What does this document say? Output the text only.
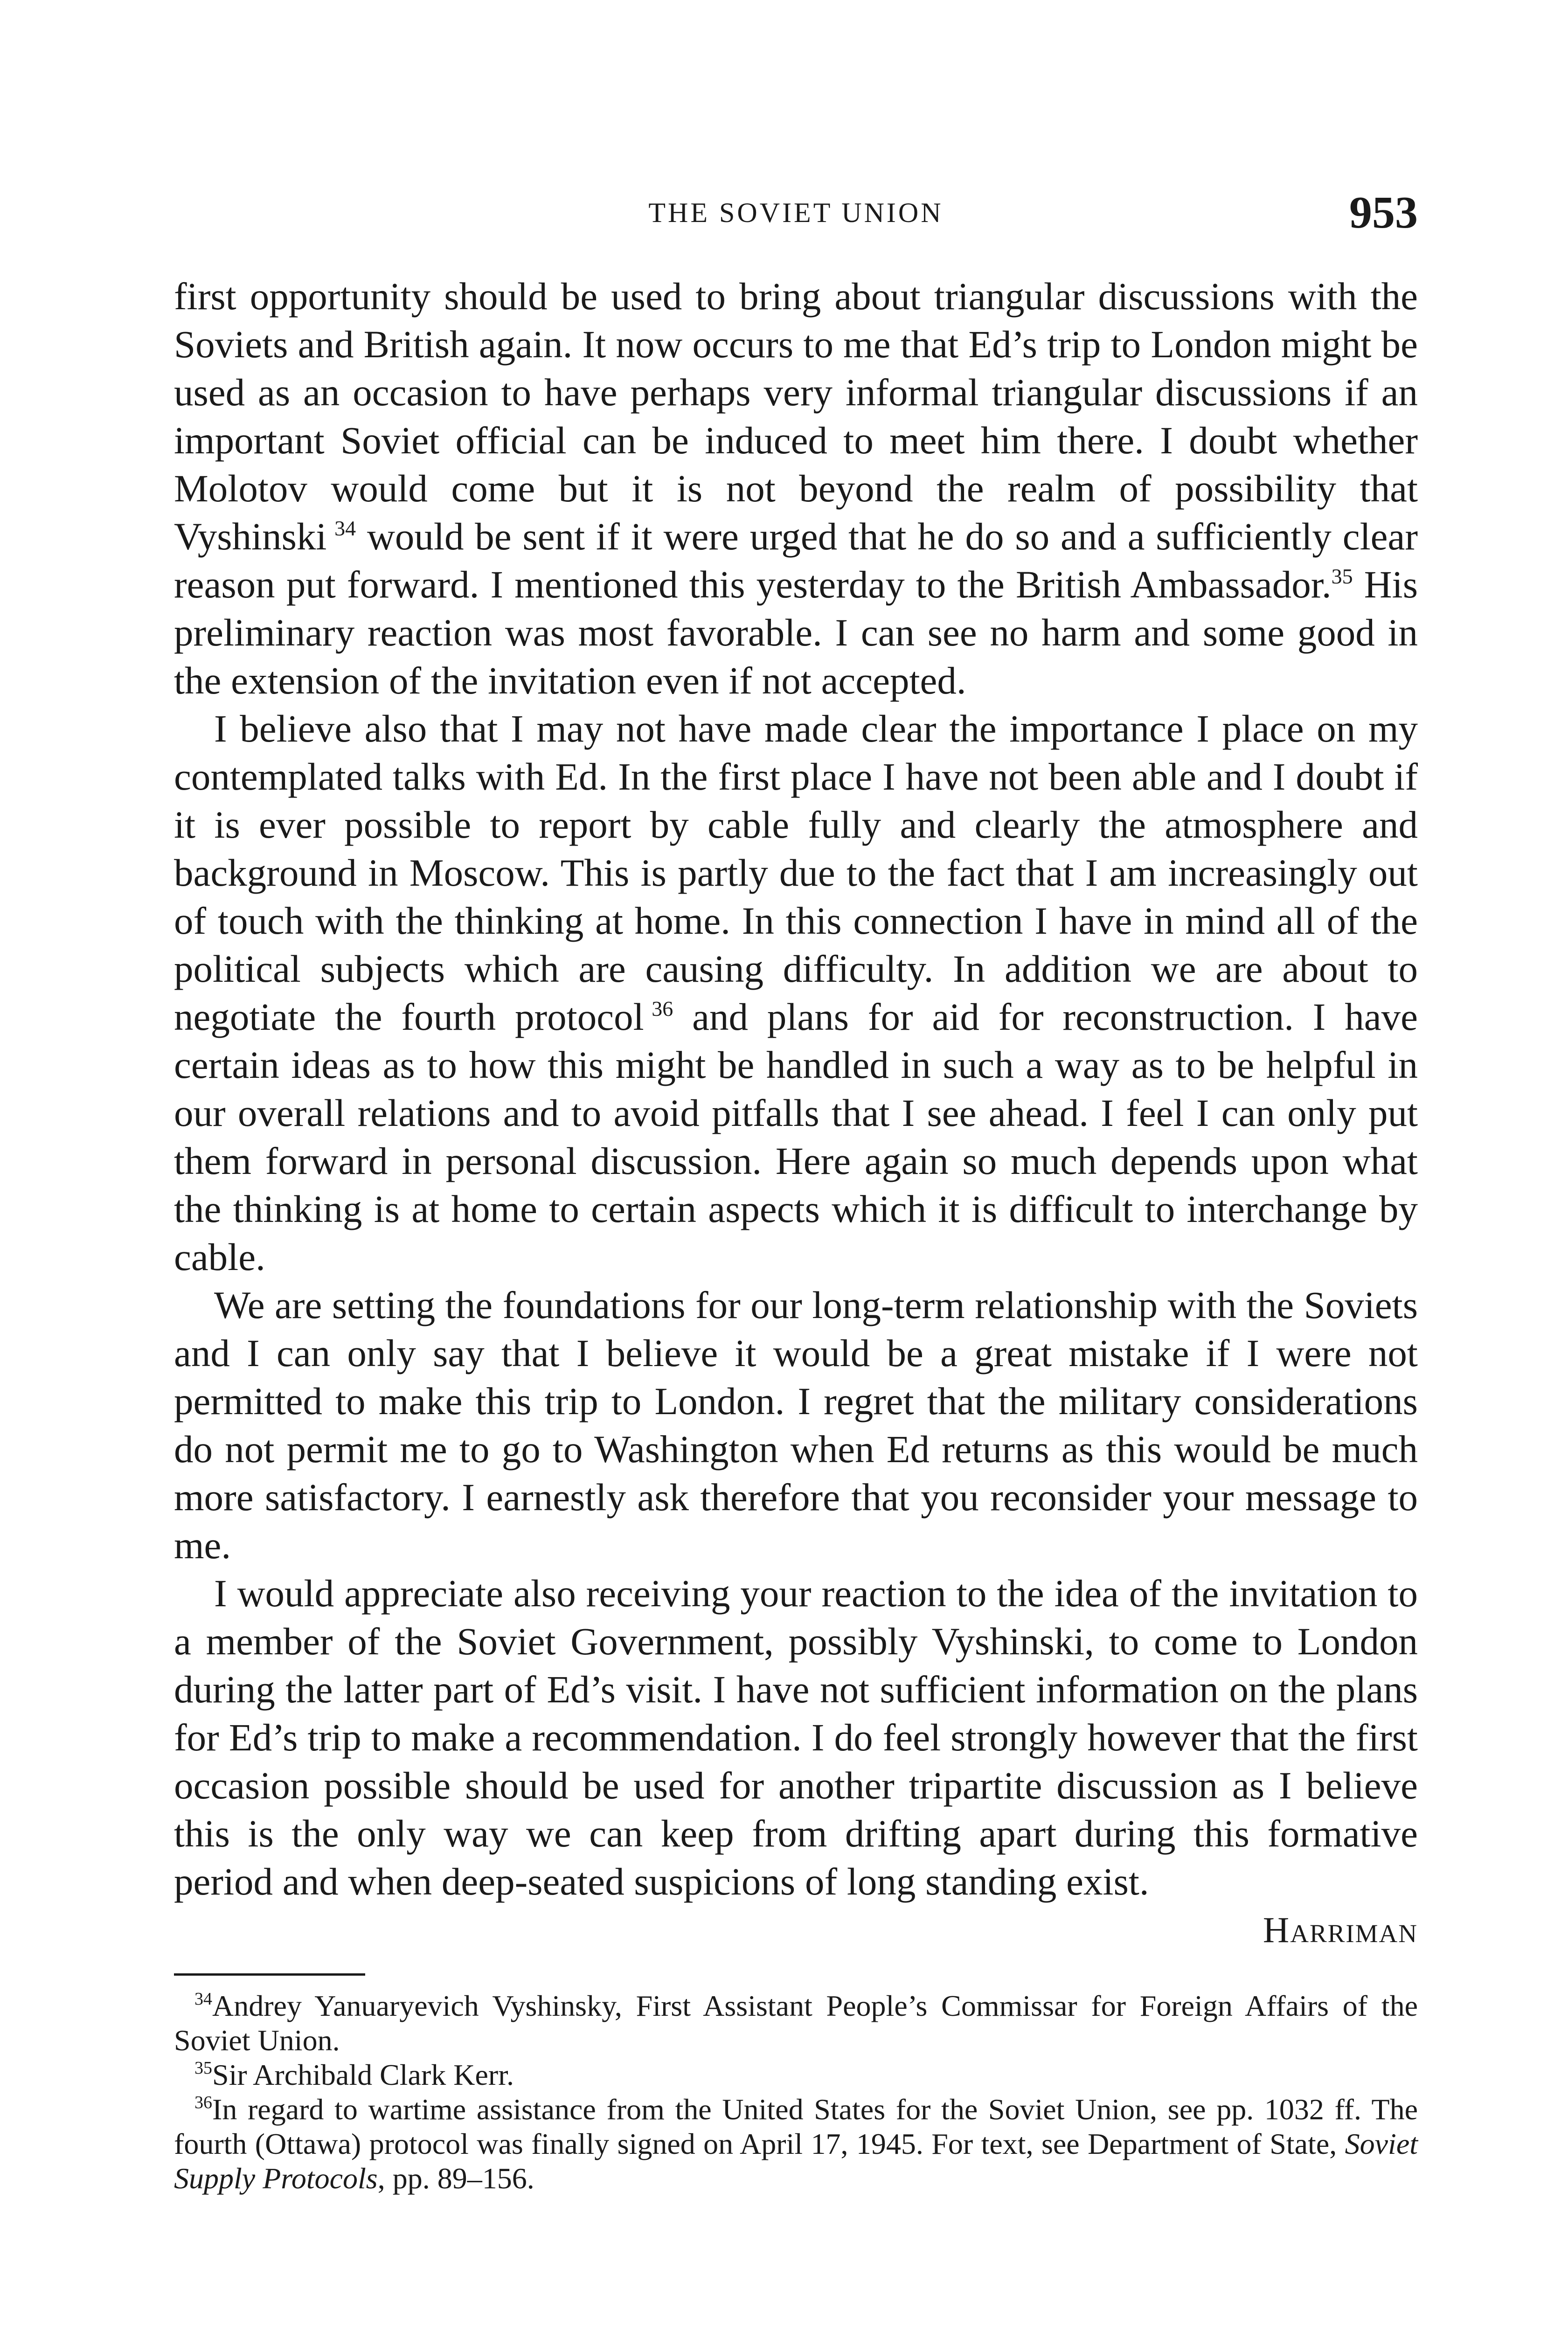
THE SOVIET UNION	953

first opportunity should be used to bring about triangular discussions with the Soviets and British again. It now occurs to me that Ed’s trip to London might be used as an occasion to have perhaps very informal triangular discussions if an important Soviet official can be induced to meet him there. I doubt whether Molotov would come but it is not beyond the realm of possibility that Vyshinski  $^{34}$ would be sent if it were urged that he do so and a sufficiently clear reason put forward. I mentioned this yesterday to the British Ambassador.$^{35}$ His preliminary reaction was most favorable. I can see no harm and some good in the extension of the invitation even if not accepted.

I believe also that I may not have made clear the importance I place on my contemplated talks with Ed. In the first place I have not been able and I doubt if it is ever possible to report by cable fully and clearly the atmosphere and background in Moscow. This is partly due to the fact that I am increasingly out of touch with the thinking at home. In this connection I have in mind all of the political subjects which are causing difficulty. In addition we are about to negotiate the fourth protocol  $^{36}$ and plans for aid for reconstruction. I have certain ideas as to how this might be handled in such a way as to be helpful in our overall relations and to avoid pitfalls that I see ahead. I feel I can only put them forward in personal discussion. Here again so much depends upon what the thinking is at home to certain aspects which it is difficult to interchange by cable.

We are setting the foundations for our long-term relationship with the Soviets and I can only say that I believe it would be a great mistake if I were not permitted to make this trip to London. I regret that the military considerations do not permit me to go to Washington when Ed returns as this would be much more satisfactory. I earnestly ask therefore that you reconsider your message to me.

I would appreciate also receiving your reaction to the idea of the invitation to a member of the Soviet Government, possibly Vyshinski, to come to London during the latter part of Ed’s visit. I have not sufficient information on the plans for Ed’s trip to make a recommendation. I do feel strongly however that the first occasion possible should be used for another tripartite discussion as I believe this is the only way we can keep from drifting apart during this formative period and when deep-seated suspicions of long standing exist.

Harriman

$^{34}$Andrey Yanuaryevich Vyshinsky, First Assistant People’s Commissar for Foreign Affairs of the Soviet Union.

$^{35}$Sir Archibald Clark Kerr.

$^{36}$In regard to wartime assistance from the United States for the Soviet Union, see pp. 1032 ff. The fourth (Ottawa) protocol was finally signed on April 17, 1945. For text, see Department of State, Soviet Supply Protocols, pp. 89–156.
